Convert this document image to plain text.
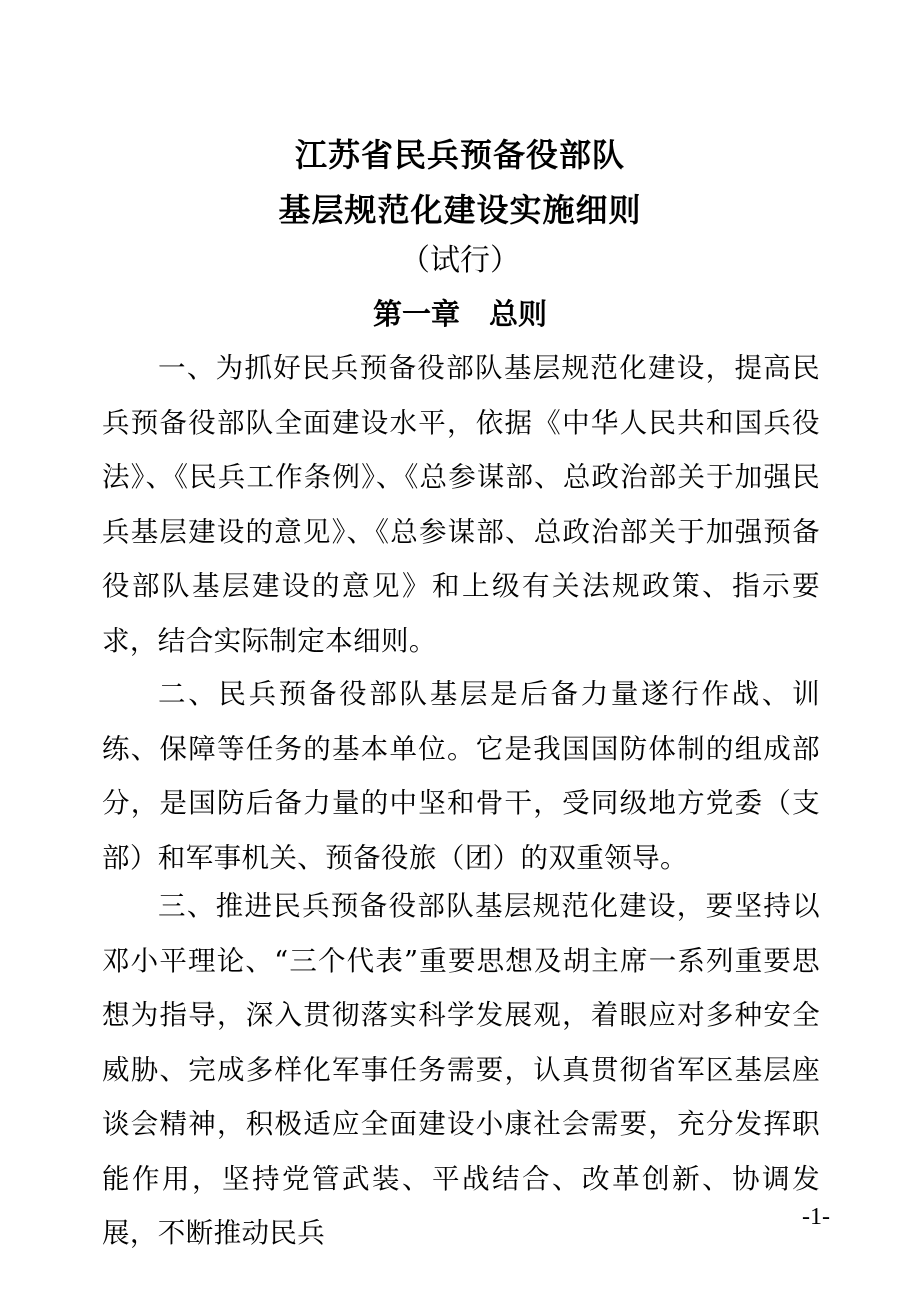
江苏省民兵预备役部队
基层规范化建设实施细则
（试行）
第一章　总则

一、为抓好民兵预备役部队基层规范化建设，提高民兵预备役部队全面建设水平，依据《中华人民共和国兵役法》、《民兵工作条例》、《总参谋部、总政治部关于加强民兵基层建设的意见》、《总参谋部、总政治部关于加强预备役部队基层建设的意见》和上级有关法规政策、指示要求，结合实际制定本细则。

二、民兵预备役部队基层是后备力量遂行作战、训练、保障等任务的基本单位。它是我国国防体制的组成部分，是国防后备力量的中坚和骨干，受同级地方党委（支部）和军事机关、预备役旅（团）的双重领导。

三、推进民兵预备役部队基层规范化建设，要坚持以邓小平理论、“三个代表”重要思想及胡主席一系列重要思想为指导，深入贯彻落实科学发展观，着眼应对多种安全威胁、完成多样化军事任务需要，认真贯彻省军区基层座谈会精神，积极适应全面建设小康社会需要，充分发挥职能作用，坚持党管武装、平战结合、改革创新、协调发展，不断推动民兵	-1-
